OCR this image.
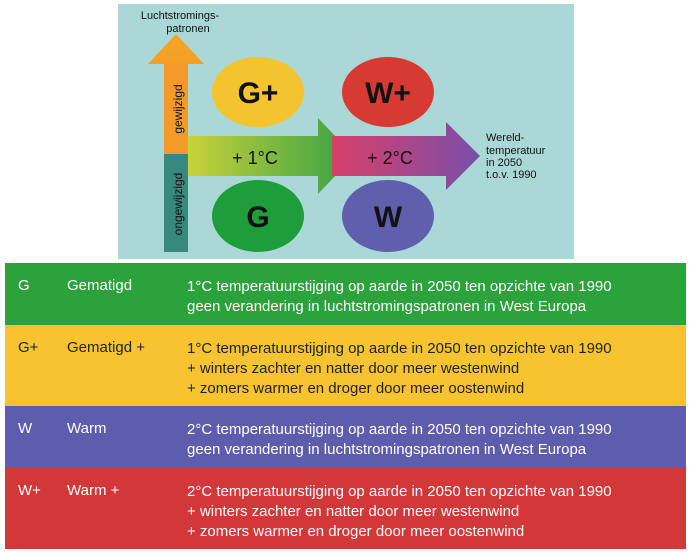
ongewijzigd
gewijzigd
Luchtstromings-
patronen
+ 1°C	+ 2°C
Wereld-
temperatuur
in 2050
t.o.v. 1990
G+	W+
G	W
G Gematigd	1°C temperatuurstijging op aarde in 2050 ten opzichte van 1990
geen verandering in luchtstromingspatronen in West Europa
G+ Gematigd +	1°C temperatuurstijging op aarde in 2050 ten opzichte van 1990
+ winters zachter en natter door meer westenwind
+ zomers warmer en droger door meer oostenwind
W Warm	2°C temperatuurstijging op aarde in 2050 ten opzichte van 1990
geen verandering in luchtstromingspatronen in West Europa
W+ Warm +	2°C temperatuurstijging op aarde in 2050 ten opzichte van 1990
+ winters zachter en natter door meer westenwind
+ zomers warmer en droger door meer oostenwind
